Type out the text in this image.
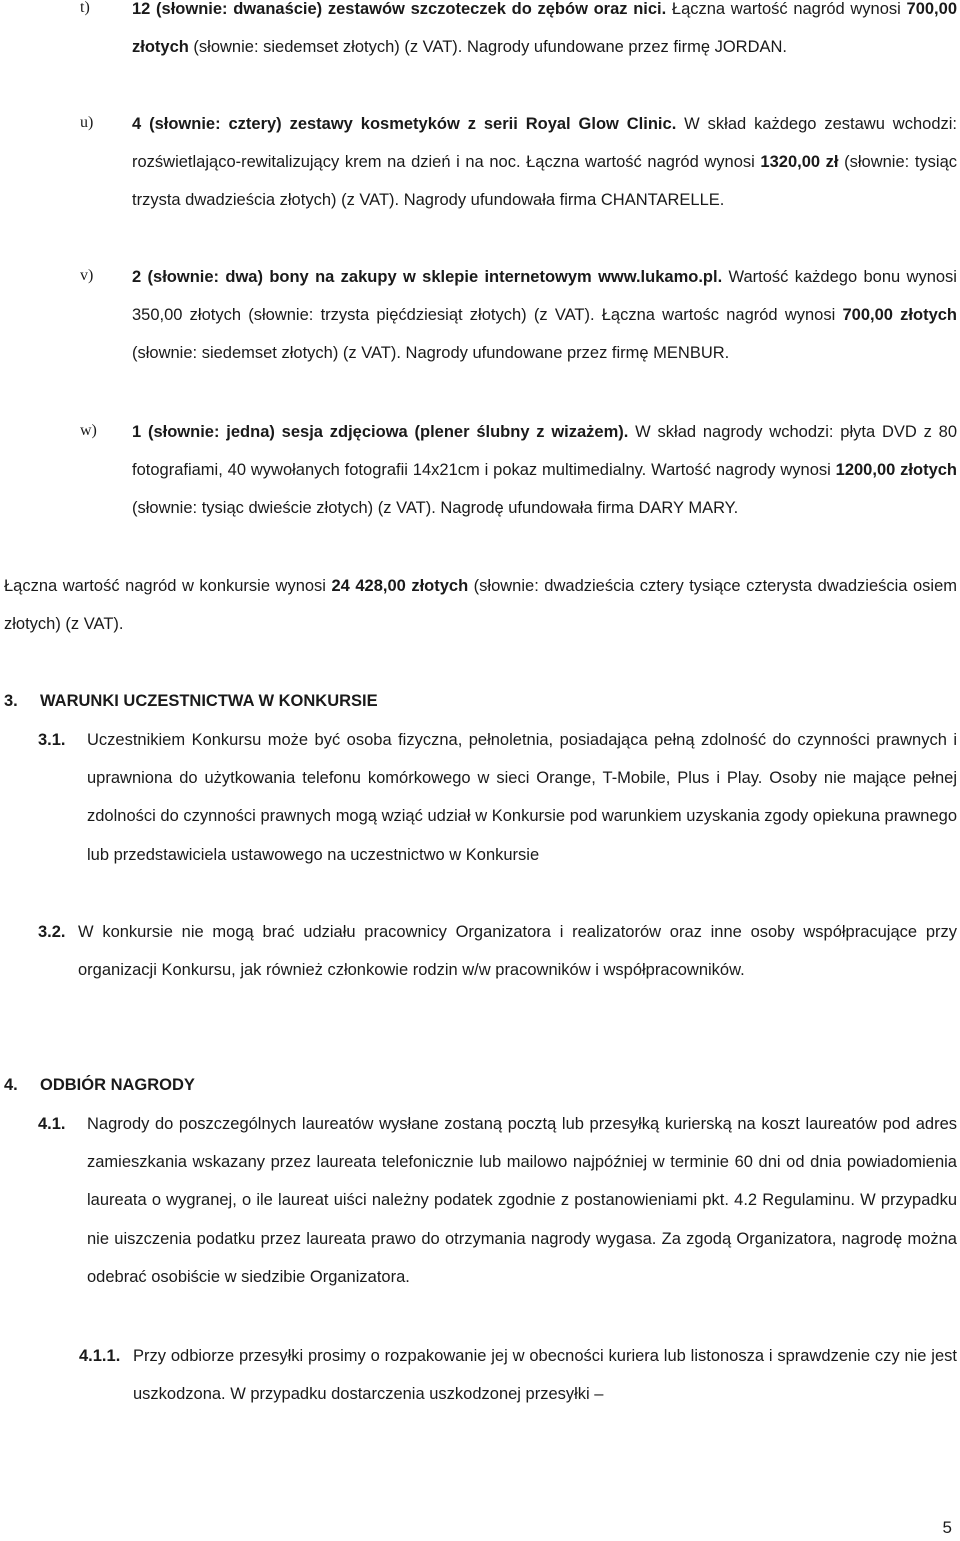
t)	12 (słownie: dwanaście) zestawów szczoteczek do zębów oraz nici. Łączna wartość nagród wynosi 700,00 złotych (słownie: siedemset złotych) (z VAT). Nagrody ufundowane przez firmę JORDAN.
u)	4 (słownie: cztery) zestawy kosmetyków z serii Royal Glow Clinic. W skład każdego zestawu wchodzi: rozświetlająco-rewitalizujący krem na dzień i na noc. Łączna wartość nagród wynosi 1320,00 zł (słownie: tysiąc trzysta dwadzieścia złotych) (z VAT). Nagrody ufundowała firma CHANTARELLE.
v)	2 (słownie: dwa) bony na zakupy w sklepie internetowym www.lukamo.pl. Wartość każdego bonu wynosi 350,00 złotych (słownie: trzysta pięćdziesiąt złotych) (z VAT). Łączna wartośc nagród wynosi 700,00 złotych (słownie: siedemset złotych) (z VAT). Nagrody ufundowane przez firmę MENBUR.
w)	1 (słownie: jedna) sesja zdjęciowa (plener ślubny z wizażem). W skład nagrody wchodzi: płyta DVD z 80 fotografiami, 40 wywołanych fotografii 14x21cm i pokaz multimedialny. Wartość nagrody wynosi 1200,00 złotych (słownie: tysiąc dwieście złotych) (z VAT). Nagrodę ufundowała firma DARY MARY.
Łączna wartość nagród w konkursie wynosi 24 428,00 złotych (słownie: dwadzieścia cztery tysiące czterysta dwadzieścia osiem złotych) (z VAT).
3. WARUNKI UCZESTNICTWA W KONKURSIE
3.1. Uczestnikiem Konkursu może być osoba fizyczna, pełnoletnia, posiadająca pełną zdolność do czynności prawnych i uprawniona do użytkowania telefonu komórkowego w sieci Orange, T-Mobile, Plus i Play. Osoby nie mające pełnej zdolności do czynności prawnych mogą wziąć udział w Konkursie pod warunkiem uzyskania zgody opiekuna prawnego lub przedstawiciela ustawowego na uczestnictwo w Konkursie
3.2. W konkursie nie mogą brać udziału pracownicy Organizatora i realizatorów oraz inne osoby współpracujące przy organizacji Konkursu, jak również członkowie rodzin w/w pracowników i współpracowników.
4. ODBIÓR NAGRODY
4.1. Nagrody do poszczególnych laureatów wysłane zostaną pocztą lub przesyłką kurierską na koszt laureatów pod adres zamieszkania wskazany przez laureata telefonicznie lub mailowo najpóźniej w terminie 60 dni od dnia powiadomienia laureata o wygranej, o ile laureat uiści należny podatek zgodnie z postanowieniami pkt. 4.2 Regulaminu. W przypadku nie uiszczenia podatku przez laureata prawo do otrzymania nagrody wygasa. Za zgodą Organizatora, nagrodę można odebrać osobiście w siedzibie Organizatora.
4.1.1. Przy odbiorze przesyłki prosimy o rozpakowanie jej w obecności kuriera lub listonosza i sprawdzenie czy nie jest uszkodzona. W przypadku dostarczenia uszkodzonej przesyłki –
5
